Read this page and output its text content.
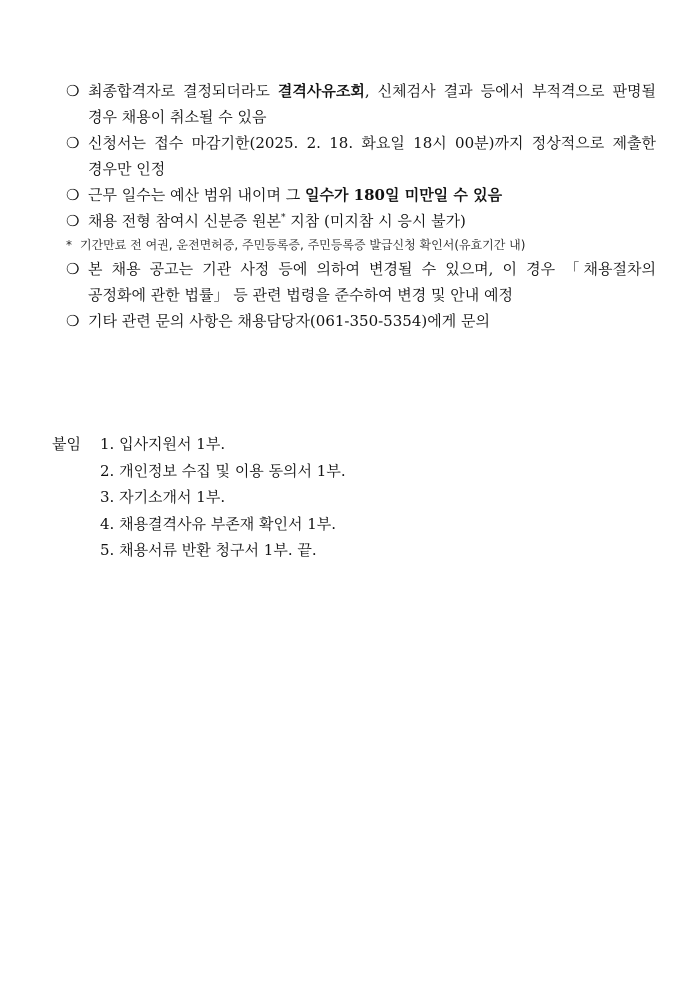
❍ 최종합격자로 결정되더라도 결격사유조회, 신체검사 결과 등에서 부적격으로 판명될 경우 채용이 취소될 수 있음
❍ 신청서는 접수 마감기한(2025. 2. 18. 화요일 18시 00분)까지 정상적으로 제출한 경우만 인정
❍ 근무 일수는 예산 범위 내이며 그 일수가 180일 미만일 수 있음
❍ 채용 전형 참여시 신분증 원본* 지참 (미지참 시 응시 불가)
* 기간만료 전 여권, 운전면허증, 주민등록증, 주민등록증 발급신청 확인서(유효기간 내)
❍ 본 채용 공고는 기관 사정 등에 의하여 변경될 수 있으며, 이 경우 「채용절차의 공정화에 관한 법률」 등 관련 법령을 준수하여 변경 및 안내 예정
❍ 기타 관련 문의 사항은 채용담당자(061-350-5354)에게 문의
붙임 1. 입사지원서 1부.
2. 개인정보 수집 및 이용 동의서 1부.
3. 자기소개서 1부.
4. 채용결격사유 부존재 확인서 1부.
5. 채용서류 반환 청구서 1부. 끝.
